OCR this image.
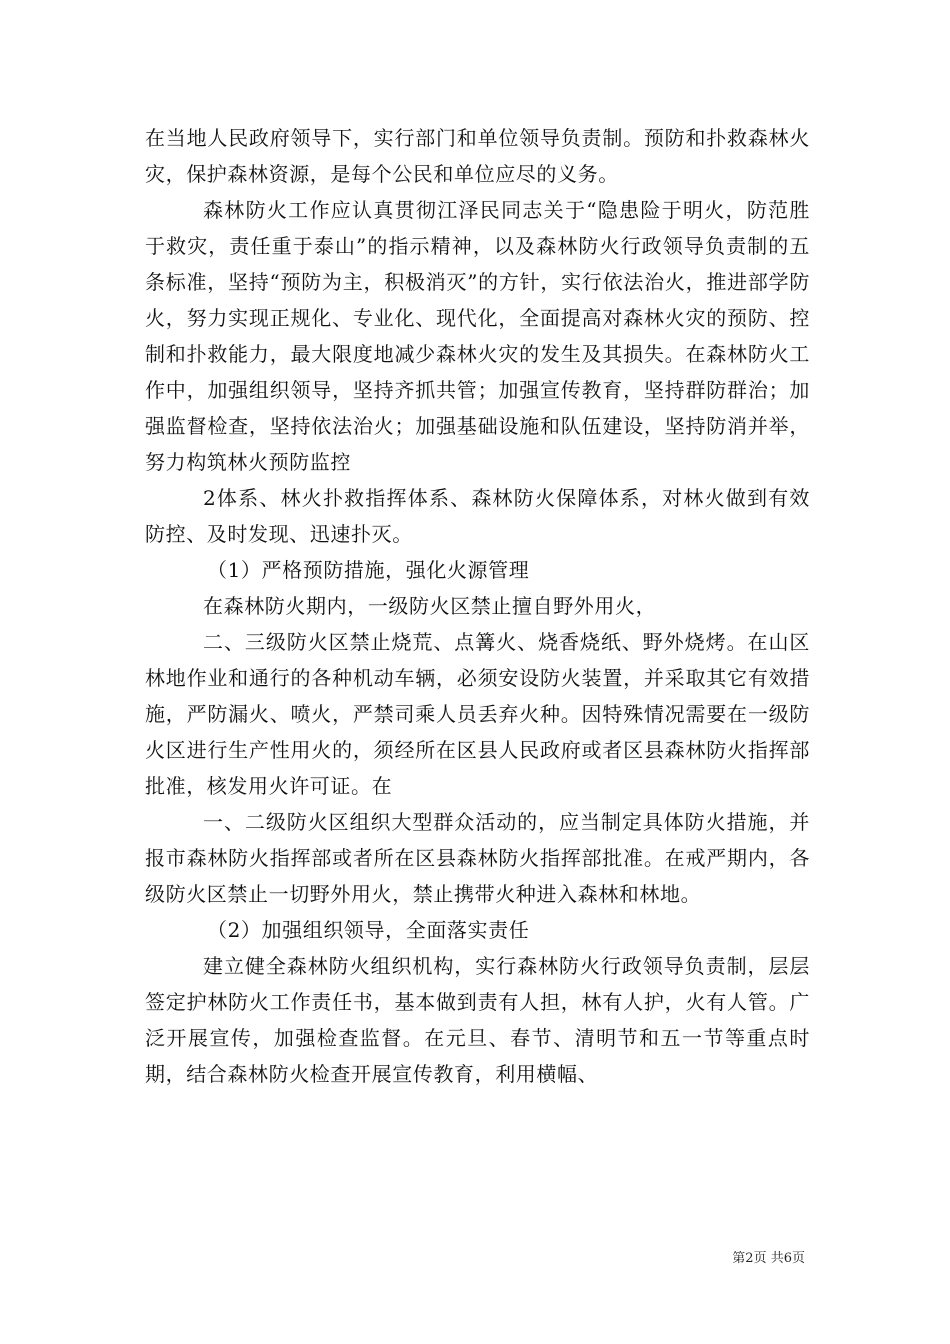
在当地人民政府领导下，实行部门和单位领导负责制。预防和扑救森林火灾，保护森林资源，是每个公民和单位应尽的义务。

森林防火工作应认真贯彻江泽民同志关于“隐患险于明火，防范胜于救灾，责任重于泰山”的指示精神，以及森林防火行政领导负责制的五条标准，坚持“预防为主，积极消灭”的方针，实行依法治火，推进部学防火，努力实现正规化、专业化、现代化，全面提高对森林火灾的预防、控制和扑救能力，最大限度地减少森林火灾的发生及其损失。在森林防火工作中，加强组织领导，坚持齐抓共管；加强宣传教育，坚持群防群治；加强监督检查，坚持依法治火；加强基础设施和队伍建设，坚持防消并举，努力构筑林火预防监控

2体系、林火扑救指挥体系、森林防火保障体系，对林火做到有效防控、及时发现、迅速扑灭。

（1）严格预防措施，强化火源管理

在森林防火期内，一级防火区禁止擅自野外用火，

二、三级防火区禁止烧荒、点篝火、烧香烧纸、野外烧烤。在山区林地作业和通行的各种机动车辆，必须安设防火装置，并采取其它有效措施，严防漏火、喷火，严禁司乘人员丢弃火种。因特殊情况需要在一级防火区进行生产性用火的，须经所在区县人民政府或者区县森林防火指挥部批准，核发用火许可证。在

一、二级防火区组织大型群众活动的，应当制定具体防火措施，并报市森林防火指挥部或者所在区县森林防火指挥部批准。在戒严期内，各级防火区禁止一切野外用火，禁止携带火种进入森林和林地。

（2）加强组织领导，全面落实责任

建立健全森林防火组织机构，实行森林防火行政领导负责制，层层签定护林防火工作责任书，基本做到责有人担，林有人护，火有人管。广泛开展宣传，加强检查监督。在元旦、春节、清明节和五一节等重点时期，结合森林防火检查开展宣传教育，利用横幅、

第2页 共6页
